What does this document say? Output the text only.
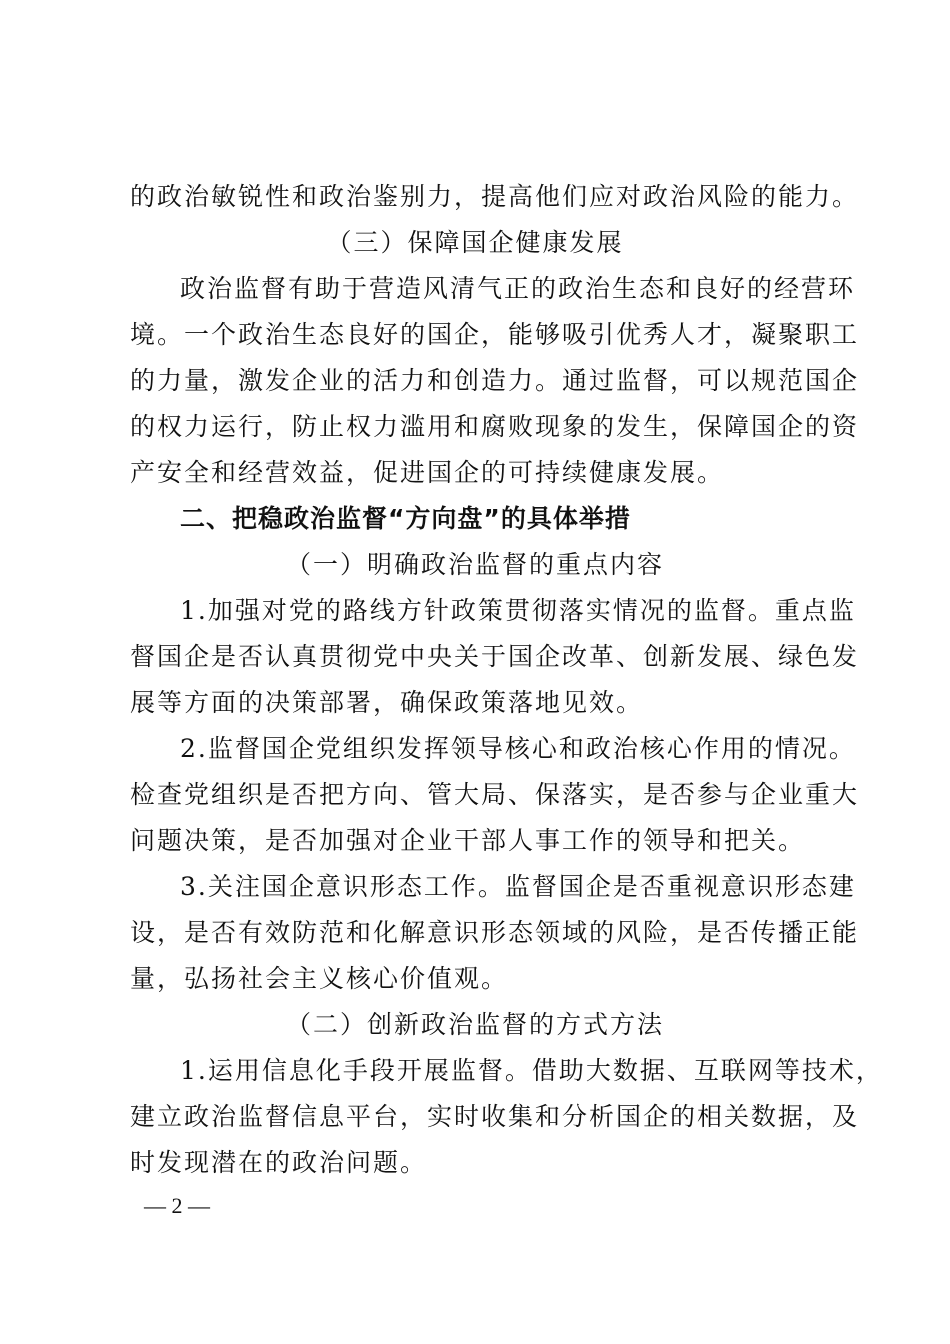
的政治敏锐性和政治鉴别力，提高他们应对政治风险的能力。
（三）保障国企健康发展
政治监督有助于营造风清气正的政治生态和良好的经营环
境。一个政治生态良好的国企，能够吸引优秀人才，凝聚职工
的力量，激发企业的活力和创造力。通过监督，可以规范国企
的权力运行，防止权力滥用和腐败现象的发生，保障国企的资
产安全和经营效益，促进国企的可持续健康发展。
二、把稳政治监督“方向盘”的具体举措
（一）明确政治监督的重点内容
1.加强对党的路线方针政策贯彻落实情况的监督。重点监
督国企是否认真贯彻党中央关于国企改革、创新发展、绿色发
展等方面的决策部署，确保政策落地见效。
2.监督国企党组织发挥领导核心和政治核心作用的情况。
检查党组织是否把方向、管大局、保落实，是否参与企业重大
问题决策，是否加强对企业干部人事工作的领导和把关。
3.关注国企意识形态工作。监督国企是否重视意识形态建
设，是否有效防范和化解意识形态领域的风险，是否传播正能
量，弘扬社会主义核心价值观。
（二）创新政治监督的方式方法
1.运用信息化手段开展监督。借助大数据、互联网等技术，
建立政治监督信息平台，实时收集和分析国企的相关数据，及
时发现潜在的政治问题。
— 2 —
